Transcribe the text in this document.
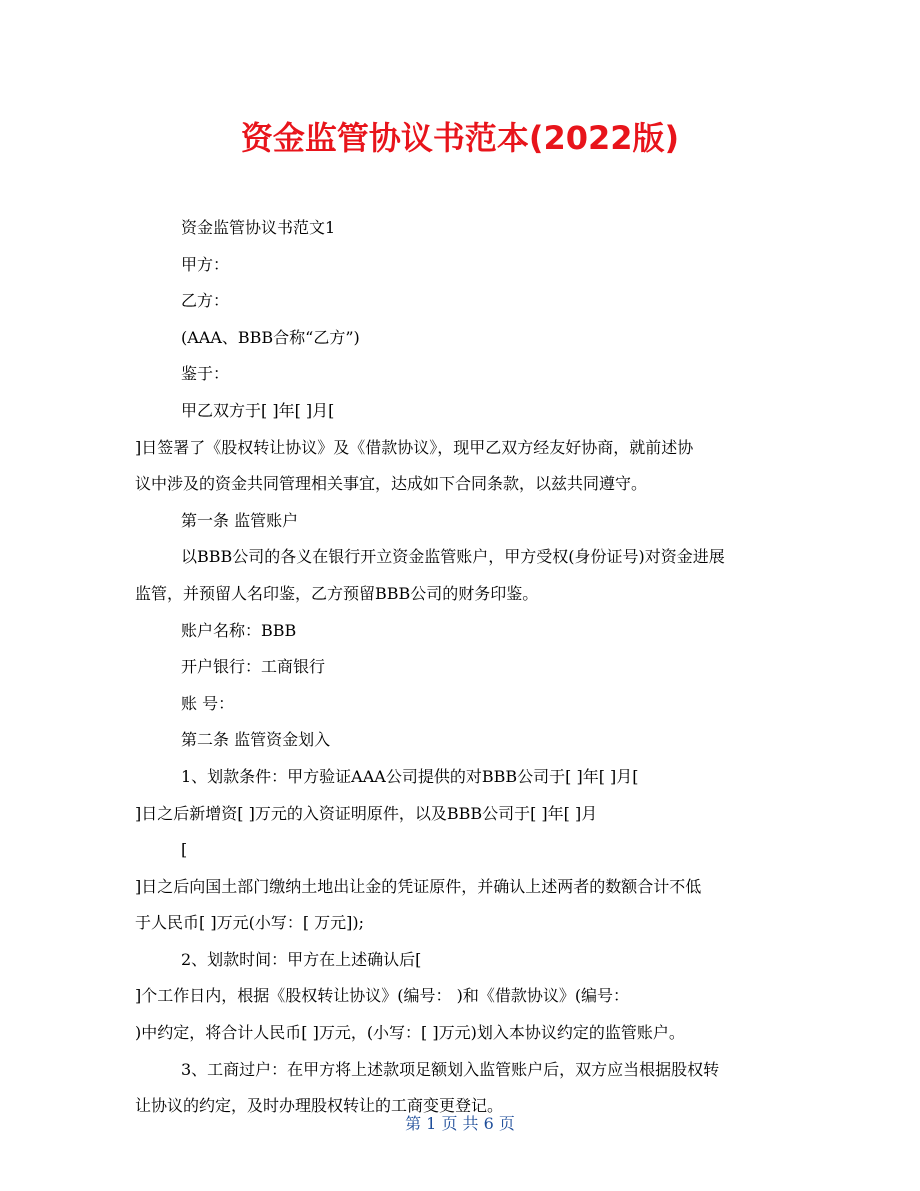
资金监管协议书范本(2022版)

资金监管协议书范文1

甲方：

乙方：

(AAA、BBB合称“乙方”)

鉴于：

甲乙双方于[ ]年[ ]月[

]日签署了《股权转让协议》及《借款协议》，现甲乙双方经友好协商，就前述协

议中涉及的资金共同管理相关事宜，达成如下合同条款，以兹共同遵守。

第一条 监管账户

以BBB公司的各义在银行开立资金监管账户，甲方受权(身份证号)对资金进展

监管，并预留人名印鉴，乙方预留BBB公司的财务印鉴。

账户名称：BBB

开户银行：工商银行

账 号：

第二条 监管资金划入

1、划款条件：甲方验证AAA公司提供的对BBB公司于[ ]年[ ]月[

]日之后新增资[ ]万元的入资证明原件，以及BBB公司于[ ]年[ ]月

[

]日之后向国土部门缴纳土地出让金的凭证原件，并确认上述两者的数额合计不低

于人民币[ ]万元(小写：[ 万元]);

2、划款时间：甲方在上述确认后[

]个工作日内，根据《股权转让协议》(编号： )和《借款协议》(编号：

)中约定，将合计人民币[ ]万元，(小写：[ ]万元)划入本协议约定的监管账户。

3、工商过户：在甲方将上述款项足额划入监管账户后，双方应当根据股权转

让协议的约定，及时办理股权转让的工商变更登记。

第 1 页 共 6 页
